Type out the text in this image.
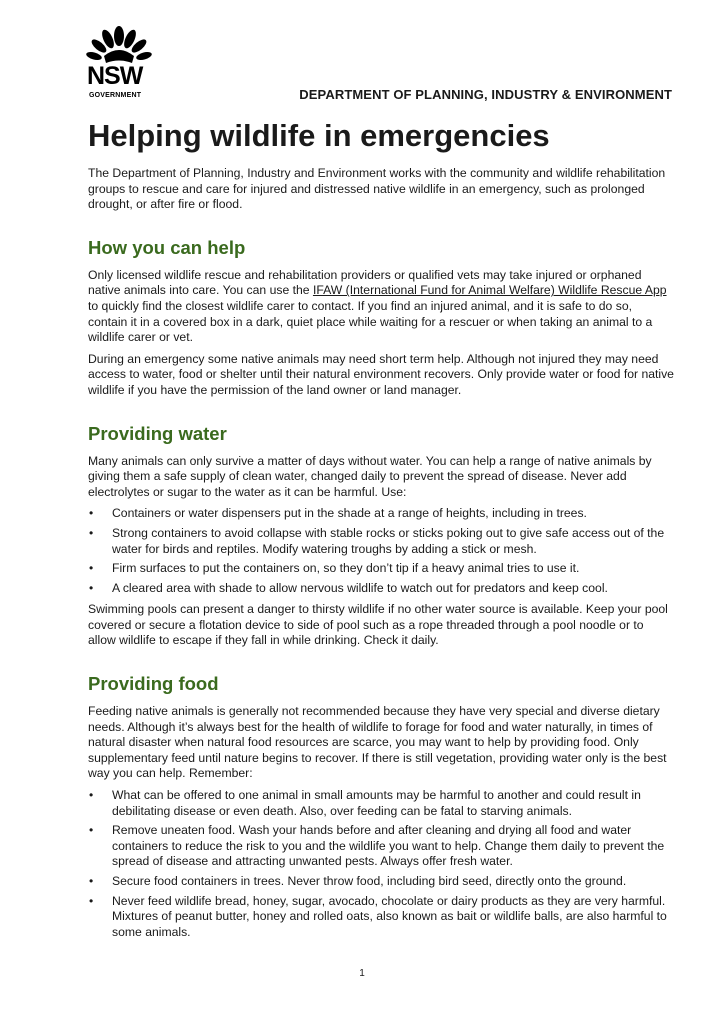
NSW
GOVERNMENT	DEPARTMENT OF PLANNING, INDUSTRY & ENVIRONMENT
Helping wildlife in emergencies

The Department of Planning, Industry and Environment works with the community and wildlife rehabilitation groups to rescue and care for injured and distressed native wildlife in an emergency, such as prolonged drought, or after fire or flood.

How you can help

Only licensed wildlife rescue and rehabilitation providers or qualified vets may take injured or orphaned native animals into care. You can use the IFAW (International Fund for Animal Welfare) Wildlife Rescue App to quickly find the closest wildlife carer to contact. If you find an injured animal, and it is safe to do so, contain it in a covered box in a dark, quiet place while waiting for a rescuer or when taking an animal to a wildlife carer or vet.

During an emergency some native animals may need short term help. Although not injured they may need access to water, food or shelter until their natural environment recovers. Only provide water or food for native wildlife if you have the permission of the land owner or land manager.

Providing water

Many animals can only survive a matter of days without water. You can help a range of native animals by giving them a safe supply of clean water, changed daily to prevent the spread of disease. Never add electrolytes or sugar to the water as it can be harmful. Use:

• Containers or water dispensers put in the shade at a range of heights, including in trees.
• Strong containers to avoid collapse with stable rocks or sticks poking out to give safe access out of the water for birds and reptiles. Modify watering troughs by adding a stick or mesh.
• Firm surfaces to put the containers on, so they don’t tip if a heavy animal tries to use it.
• A cleared area with shade to allow nervous wildlife to watch out for predators and keep cool.

Swimming pools can present a danger to thirsty wildlife if no other water source is available. Keep your pool covered or secure a flotation device to side of pool such as a rope threaded through a pool noodle or to allow wildlife to escape if they fall in while drinking. Check it daily.

Providing food

Feeding native animals is generally not recommended because they have very special and diverse dietary needs. Although it’s always best for the health of wildlife to forage for food and water naturally, in times of natural disaster when natural food resources are scarce, you may want to help by providing food. Only supplementary feed until nature begins to recover. If there is still vegetation, providing water only is the best way you can help. Remember:

• What can be offered to one animal in small amounts may be harmful to another and could result in debilitating disease or even death. Also, over feeding can be fatal to starving animals.
• Remove uneaten food. Wash your hands before and after cleaning and drying all food and water containers to reduce the risk to you and the wildlife you want to help. Change them daily to prevent the spread of disease and attracting unwanted pests. Always offer fresh water.
• Secure food containers in trees. Never throw food, including bird seed, directly onto the ground.
• Never feed wildlife bread, honey, sugar, avocado, chocolate or dairy products as they are very harmful. Mixtures of peanut butter, honey and rolled oats, also known as bait or wildlife balls, are also harmful to some animals.
1
